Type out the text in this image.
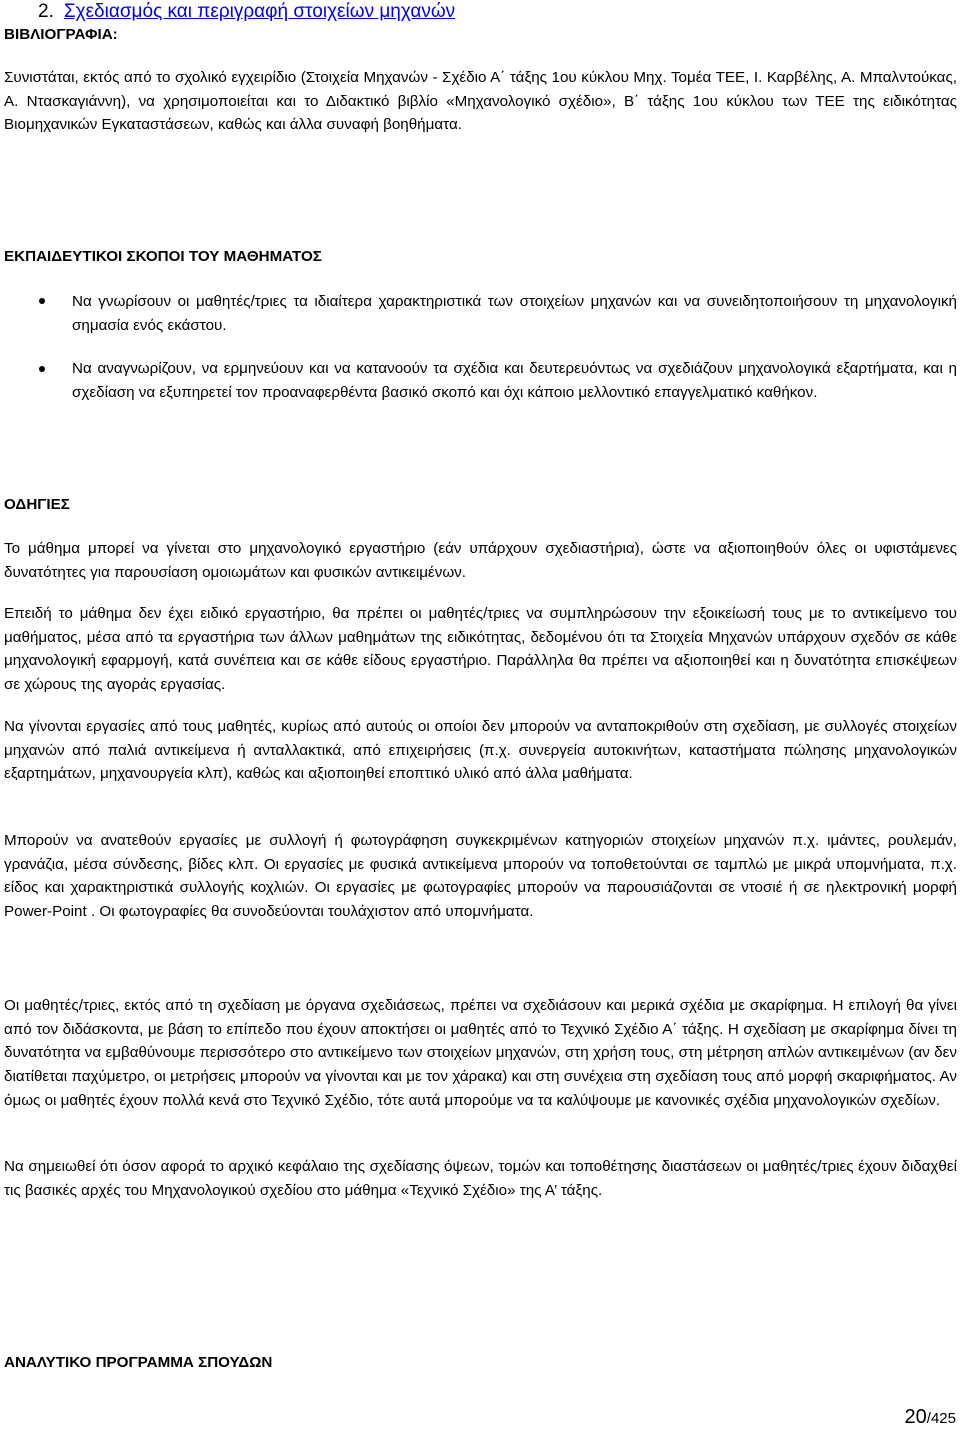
2. Σχεδιασμός και περιγραφή στοιχείων μηχανών
ΒΙΒΛΙΟΓΡΑΦΙΑ:
Συνιστάται, εκτός από το σχολικό εγχειρίδιο (Στοιχεία Μηχανών - Σχέδιο Α΄ τάξης 1ου κύκλου Μηχ. Τομέα ΤΕΕ, Ι. Καρβέλης, Α. Μπαλντούκας, Α. Ντασκαγιάννη), να χρησιμοποιείται και το Διδακτικό βιβλίο «Μηχανολογικό σχέδιο», Β΄ τάξης 1ου κύκλου των ΤΕΕ της ειδικότητας Βιομηχανικών Εγκαταστάσεων, καθώς και άλλα συναφή βοηθήματα.
ΕΚΠΑΙΔΕΥΤΙΚΟΙ ΣΚΟΠΟΙ ΤΟΥ ΜΑΘΗΜΑΤΟΣ
Να γνωρίσουν οι μαθητές/τριες τα ιδιαίτερα χαρακτηριστικά των στοιχείων μηχανών και να συνειδητοποιήσουν τη μηχανολογική σημασία ενός εκάστου.
Να αναγνωρίζουν, να ερμηνεύουν και να κατανοούν τα σχέδια και δευτερευόντως να σχεδιάζουν μηχανολογικά εξαρτήματα, και η σχεδίαση να εξυπηρετεί τον προαναφερθέντα βασικό σκοπό και όχι κάποιο μελλοντικό επαγγελματικό καθήκον.
ΟΔΗΓΙΕΣ
Το μάθημα μπορεί να γίνεται στο μηχανολογικό εργαστήριο (εάν υπάρχουν σχεδιαστήρια), ώστε να αξιοποιηθούν όλες οι υφιστάμενες δυνατότητες για παρουσίαση ομοιωμάτων και φυσικών αντικειμένων.
Επειδή το μάθημα δεν έχει ειδικό εργαστήριο, θα πρέπει οι μαθητές/τριες να συμπληρώσουν την εξοικείωσή τους με το αντικείμενο του μαθήματος, μέσα από τα εργαστήρια των άλλων μαθημάτων της ειδικότητας, δεδομένου ότι τα Στοιχεία Μηχανών υπάρχουν σχεδόν σε κάθε μηχανολογική εφαρμογή, κατά συνέπεια και σε κάθε είδους εργαστήριο. Παράλληλα θα πρέπει να αξιοποιηθεί και η δυνατότητα επισκέψεων σε χώρους της αγοράς εργασίας.
Να γίνονται εργασίες από τους μαθητές, κυρίως από αυτούς οι οποίοι δεν μπορούν να ανταποκριθούν στη σχεδίαση, με συλλογές στοιχείων μηχανών από παλιά αντικείμενα ή ανταλλακτικά, από επιχειρήσεις (π.χ. συνεργεία αυτοκινήτων, καταστήματα πώλησης μηχανολογικών εξαρτημάτων, μηχανουργεία κλπ), καθώς και αξιοποιηθεί εποπτικό υλικό από άλλα μαθήματα.
Μπορούν να ανατεθούν εργασίες με συλλογή ή φωτογράφηση συγκεκριμένων κατηγοριών στοιχείων μηχανών π.χ. ιμάντες, ρουλεμάν, γρανάζια, μέσα σύνδεσης, βίδες κλπ. Οι εργασίες με φυσικά αντικείμενα μπορούν να τοποθετούνται σε ταμπλώ με μικρά υπομνήματα, π.χ. είδος και χαρακτηριστικά συλλογής κοχλιών. Οι εργασίες με φωτογραφίες μπορούν να παρουσιάζονται σε ντοσιέ ή σε ηλεκτρονική μορφή Power-Point . Οι φωτογραφίες θα συνοδεύονται τουλάχιστον από υπομνήματα.
Οι μαθητές/τριες, εκτός από τη σχεδίαση με όργανα σχεδιάσεως, πρέπει να σχεδιάσουν και μερικά σχέδια με σκαρίφημα. Η επιλογή θα γίνει από τον διδάσκοντα, με βάση το επίπεδο που έχουν αποκτήσει οι μαθητές από το Τεχνικό Σχέδιο Α΄ τάξης. Η σχεδίαση με σκαρίφημα δίνει τη δυνατότητα να εμβαθύνουμε περισσότερο στο αντικείμενο των στοιχείων μηχανών, στη χρήση τους, στη μέτρηση απλών αντικειμένων (αν δεν διατίθεται παχύμετρο, οι μετρήσεις μπορούν να γίνονται και με τον χάρακα) και στη συνέχεια στη σχεδίαση τους από μορφή σκαριφήματος. Αν όμως οι μαθητές έχουν πολλά κενά στο Τεχνικό Σχέδιο, τότε αυτά μπορούμε να τα καλύψουμε με κανονικές σχέδια μηχανολογικών σχεδίων.
Να σημειωθεί ότι όσον αφορά το αρχικό κεφάλαιο της σχεδίασης όψεων, τομών και τοποθέτησης διαστάσεων οι μαθητές/τριες έχουν διδαχθεί τις βασικές αρχές του Μηχανολογικού σχεδίου στο μάθημα «Τεχνικό Σχέδιο» της Α’ τάξης.
ΑΝΑΛΥΤΙΚΟ ΠΡΟΓΡΑΜΜΑ ΣΠΟΥΔΩΝ
20/425
